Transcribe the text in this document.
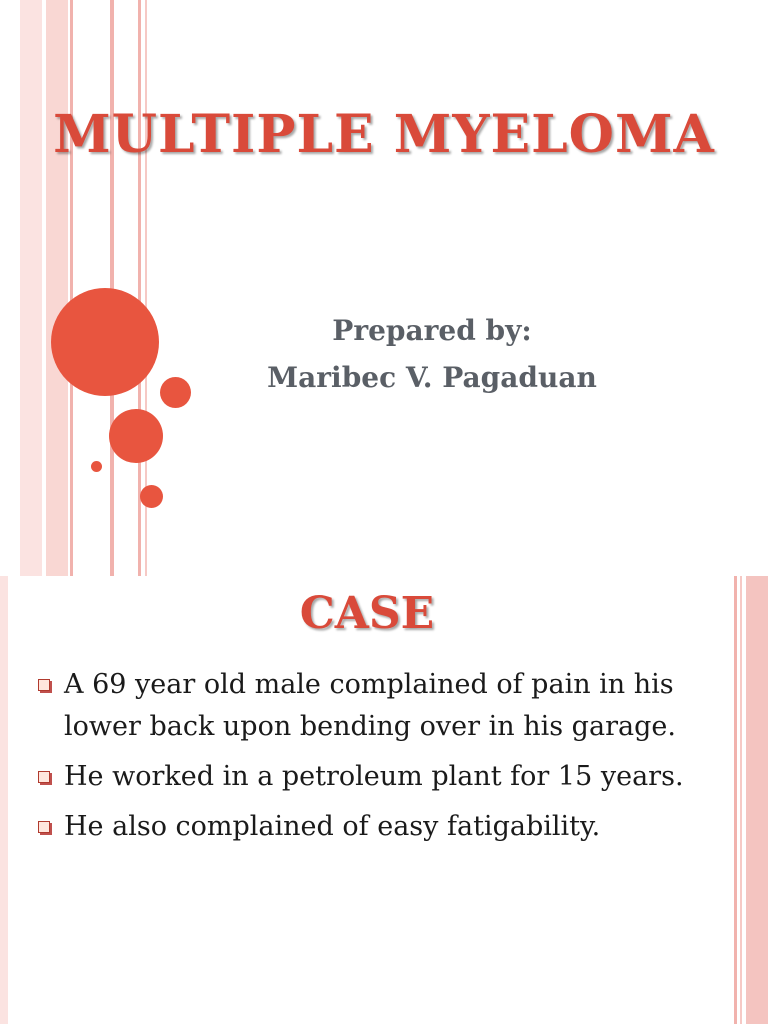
MULTIPLE MYELOMA
Prepared by:
Maribec V. Pagaduan
CASE
A 69 year old male complained of pain in his lower back upon bending over in his garage.
He worked in a petroleum plant for 15 years.
He also complained of easy fatigability.
